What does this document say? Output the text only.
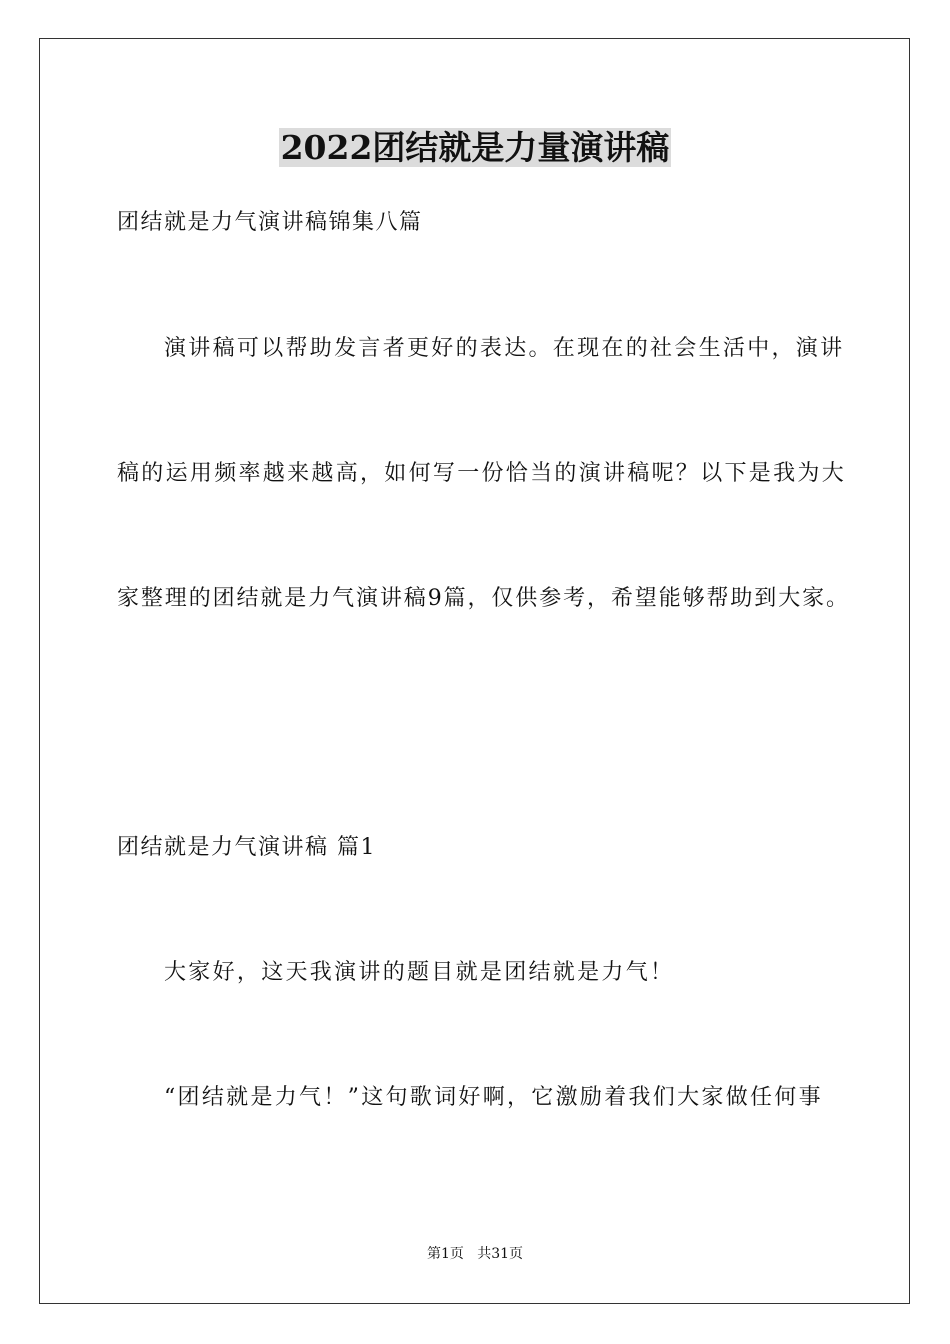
2022团结就是力量演讲稿
团结就是力气演讲稿锦集八篇
演讲稿可以帮助发言者更好的表达。在现在的社会生活中，演讲
稿的运用频率越来越高，如何写一份恰当的演讲稿呢？以下是我为大
家整理的团结就是力气演讲稿9篇，仅供参考，希望能够帮助到大家。
团结就是力气演讲稿 篇1
大家好，这天我演讲的题目就是团结就是力气！
“团结就是力气！”这句歌词好啊，它激励着我们大家做任何事
第1页   共31页
